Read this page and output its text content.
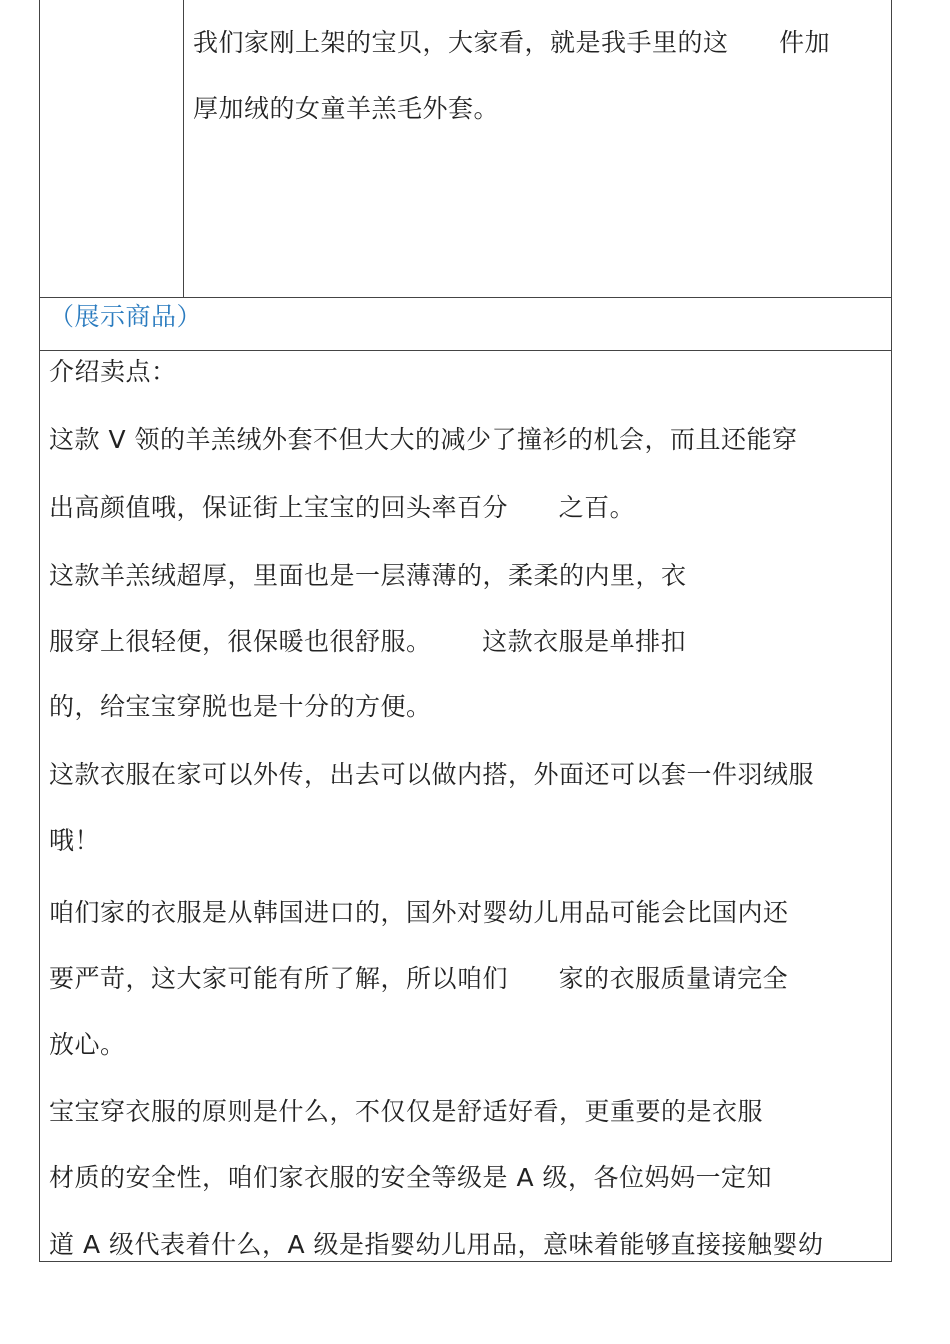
我们家刚上架的宝贝，大家看，就是我手里的这      件加
厚加绒的女童羊羔毛外套。
（展示商品）
介绍卖点：
这款 V 领的羊羔绒外套不但大大的减少了撞衫的机会，而且还能穿
出高颜值哦，保证街上宝宝的回头率百分      之百。
这款羊羔绒超厚，里面也是一层薄薄的，柔柔的内里，衣
服穿上很轻便，很保暖也很舒服。      这款衣服是单排扣
的，给宝宝穿脱也是十分的方便。
这款衣服在家可以外传，出去可以做内搭，外面还可以套一件羽绒服
哦！
咱们家的衣服是从韩国进口的，国外对婴幼儿用品可能会比国内还
要严苛，这大家可能有所了解，所以咱们      家的衣服质量请完全
放心。
宝宝穿衣服的原则是什么，不仅仅是舒适好看，更重要的是衣服
材质的安全性，咱们家衣服的安全等级是 A 级，各位妈妈一定知
道 A 级代表着什么，A 级是指婴幼儿用品，意味着能够直接接触婴幼
